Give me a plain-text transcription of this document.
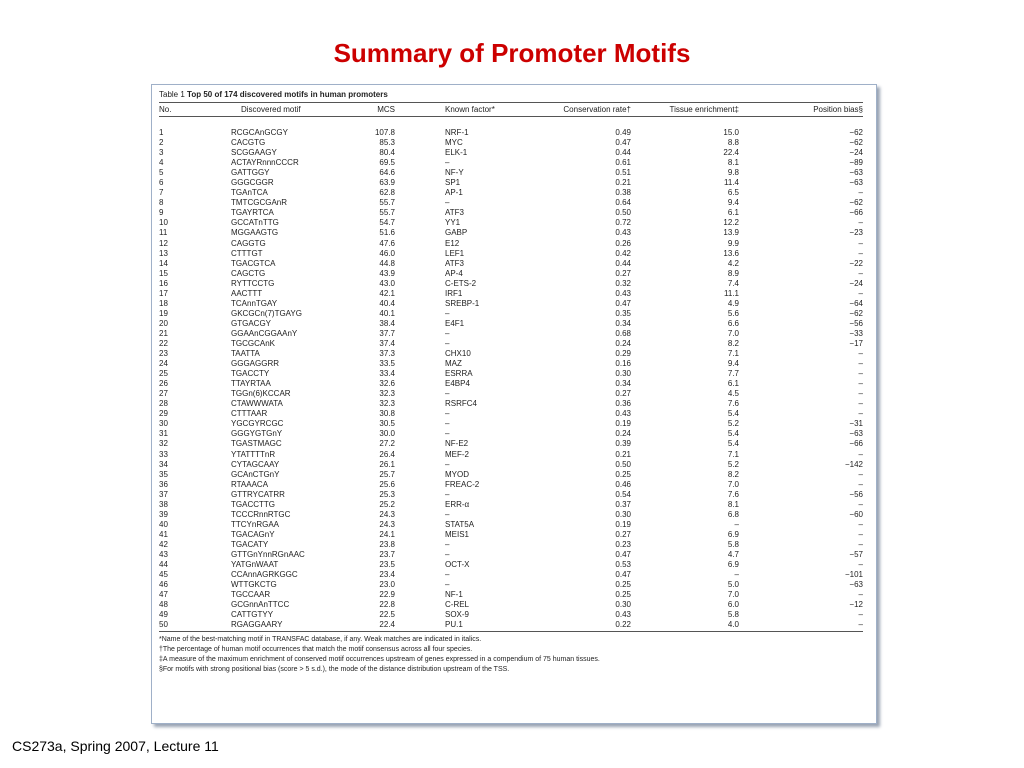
Summary of Promoter Motifs
Table 1 Top 50 of 174 discovered motifs in human promoters
No.	Discovered motif	MCS	Known factor*	Conservation rate†	Tissue enrichment‡	Position bias§
1	RCGCAnGCGY	107.8	NRF-1	0.49	15.0	−62
2	CACGTG	85.3	MYC	0.47	8.8	−62
3	SCGGAAGY	80.4	ELK-1	0.44	22.4	−24
4	ACTAYRnnnCCCR	69.5	–	0.61	8.1	−89
5	GATTGGY	64.6	NF-Y	0.51	9.8	−63
6	GGGCGGR	63.9	SP1	0.21	11.4	−63
7	TGAnTCA	62.8	AP-1	0.38	6.5	–
8	TMTCGCGAnR	55.7	–	0.64	9.4	−62
9	TGAYRTCA	55.7	ATF3	0.50	6.1	−66
10	GCCATnTTG	54.7	YY1	0.72	12.2	–
11	MGGAAGTG	51.6	GABP	0.43	13.9	−23
12	CAGGTG	47.6	E12	0.26	9.9	–
13	CTTTGT	46.0	LEF1	0.42	13.6	–
14	TGACGTCA	44.8	ATF3	0.44	4.2	−22
15	CAGCTG	43.9	AP-4	0.27	8.9	–
16	RYTTCCTG	43.0	C-ETS-2	0.32	7.4	−24
17	AACTTT	42.1	IRF1	0.43	11.1	–
18	TCAnnTGAY	40.4	SREBP-1	0.47	4.9	−64
19	GKCGCn(7)TGAYG	40.1	–	0.35	5.6	−62
20	GTGACGY	38.4	E4F1	0.34	6.6	−56
21	GGAAnCGGAAnY	37.7	–	0.68	7.0	−33
22	TGCGCAnK	37.4	–	0.24	8.2	−17
23	TAATTA	37.3	CHX10	0.29	7.1	–
24	GGGAGGRR	33.5	MAZ	0.16	9.4	–
25	TGACCTY	33.4	ESRRA	0.30	7.7	–
26	TTAYRTAA	32.6	E4BP4	0.34	6.1	–
27	TGGn(6)KCCAR	32.3	–	0.27	4.5	–
28	CTAWWWATA	32.3	RSRFC4	0.36	7.6	–
29	CTTTAAR	30.8	–	0.43	5.4	–
30	YGCGYRCGC	30.5	–	0.19	5.2	−31
31	GGGYGTGnY	30.0	–	0.24	5.4	−63
32	TGASTMAGC	27.2	NF-E2	0.39	5.4	−66
33	YTATTTTnR	26.4	MEF-2	0.21	7.1	–
34	CYTAGCAAY	26.1	–	0.50	5.2	−142
35	GCAnCTGnY	25.7	MYOD	0.25	8.2	–
36	RTAAACA	25.6	FREAC-2	0.46	7.0	–
37	GTTRYCATRR	25.3	–	0.54	7.6	−56
38	TGACCTTG	25.2	ERR-α	0.37	8.1	–
39	TCCCRnnRTGC	24.3	–	0.30	6.8	−60
40	TTCYnRGAA	24.3	STAT5A	0.19	–	–
41	TGACAGnY	24.1	MEIS1	0.27	6.9	–
42	TGACATY	23.8	–	0.23	5.8	–
43	GTTGnYnnRGnAAC	23.7	–	0.47	4.7	−57
44	YATGnWAAT	23.5	OCT-X	0.53	6.9	–
45	CCAnnAGRKGGC	23.4	–	0.47	–	−101
46	WTTGKCTG	23.0	–	0.25	5.0	−63
47	TGCCAAR	22.9	NF-1	0.25	7.0	–
48	GCGnnAnTTCC	22.8	C-REL	0.30	6.0	−12
49	CATTGTYY	22.5	SOX-9	0.43	5.8	–
50	RGAGGAARY	22.4	PU.1	0.22	4.0	–
*Name of the best-matching motif in TRANSFAC database, if any. Weak matches are indicated in italics.
†The percentage of human motif occurrences that match the motif consensus across all four species.
‡A measure of the maximum enrichment of conserved motif occurrences upstream of genes expressed in a compendium of 75 human tissues.
§For motifs with strong positional bias (score > 5 s.d.), the mode of the distance distribution upstream of the TSS.
CS273a, Spring 2007, Lecture 11
